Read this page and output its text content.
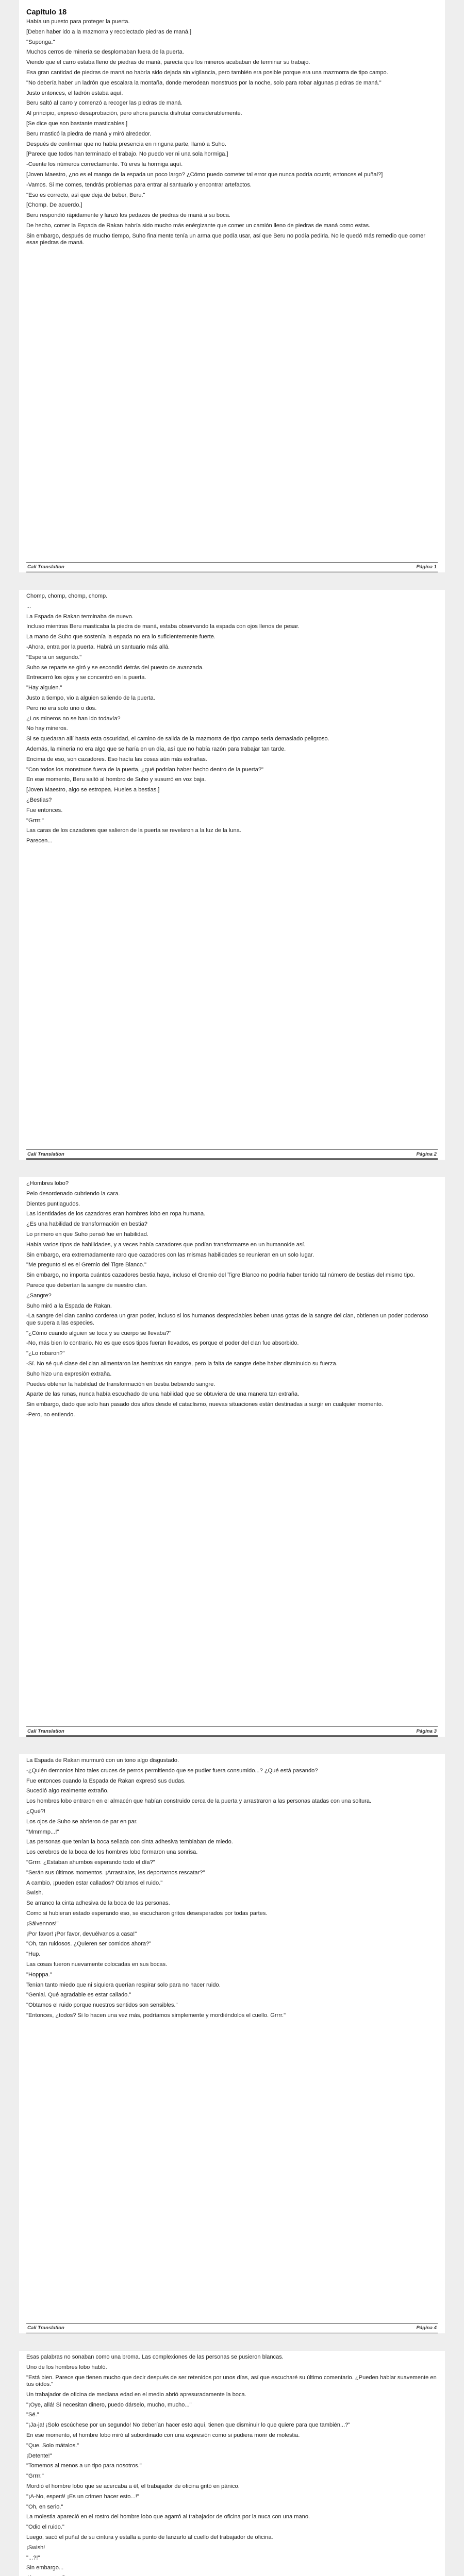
Capítulo 18

Había un puesto para proteger la puerta.

[Deben haber ido a la mazmorra y recolectado piedras de maná.]

"Suponga."

Muchos cerros de minería se desplomaban fuera de la puerta.

Viendo que el carro estaba lleno de piedras de maná, parecía que los mineros acababan de terminar su trabajo.

Esa gran cantidad de piedras de maná no habría sido dejada sin vigilancia, pero también era posible porque era una mazmorra de tipo campo.

"No debería haber un ladrón que escalara la montaña, donde merodean monstruos por la noche, solo para robar algunas piedras de maná."

Justo entonces, el ladrón estaba aquí.

Beru saltó al carro y comenzó a recoger las piedras de maná.

Al principio, expresó desaprobación, pero ahora parecía disfrutar considerablemente.

[Se dice que son bastante masticables.]

Beru masticó la piedra de maná y miró alrededor.

Después de confirmar que no había presencia en ninguna parte, llamó a Suho.

[Parece que todos han terminado el trabajo. No puedo ver ni una sola hormiga.]

-Cuente los números correctamente. Tú eres la hormiga aquí.

[Joven Maestro, ¿no es el mango de la espada un poco largo? ¿Cómo puedo cometer tal error que nunca podría ocurrir, entonces el puñal?]

-Vamos. Si me comes, tendrás problemas para entrar al santuario y encontrar artefactos.

"Eso es correcto, así que deja de beber, Beru."

[Chomp. De acuerdo.]

Beru respondió rápidamente y lanzó los pedazos de piedras de maná a su boca.

De hecho, comer la Espada de Rakan habría sido mucho más enérgizante que comer un camión lleno de piedras de maná como estas.

Sin embargo, después de mucho tiempo, Suho finalmente tenía un arma que podía usar, así que Beru no podía pedirla. No le quedó más remedio que comer esas piedras de maná.

Cali Translation	Página 1

Chomp, chomp, chomp, chomp.

...

La Espada de Rakan terminaba de nuevo.

Incluso mientras Beru masticaba la piedra de maná, estaba observando la espada con ojos llenos de pesar.

La mano de Suho que sostenía la espada no era lo suficientemente fuerte.

-Ahora, entra por la puerta. Habrá un santuario más allá.

"Espera un segundo."

Suho se reparte se giró y se escondió detrás del puesto de avanzada.

Entrecerró los ojos y se concentró en la puerta.

"Hay alguien."

Justo a tiempo, vio a alguien saliendo de la puerta.

Pero no era solo uno o dos.

¿Los mineros no se han ido todavía?

No hay mineros.

Si se quedaran allí hasta esta oscuridad, el camino de salida de la mazmorra de tipo campo sería demasiado peligroso.

Además, la mineria no era algo que se haría en un día, así que no había razón para trabajar tan tarde.

Encima de eso, son cazadores. Eso hacía las cosas aún más extrañas.

"Con todos los monstruos fuera de la puerta, ¿qué podrían haber hecho dentro de la puerta?"

En ese momento, Beru saltó al hombro de Suho y susurró en voz baja.

[Joven Maestro, algo se estropea. Hueles a bestias.]

¿Bestias?

Fue entonces.

"Grrrr."

Las caras de los cazadores que salieron de la puerta se revelaron a la luz de la luna.

Parecen...

Cali Translation	Página 2

¿Hombres lobo?

Pelo desordenado cubriendo la cara.

Dientes puntiagudos.

Las identidades de los cazadores eran hombres lobo en ropa humana.

¿Es una habilidad de transformación en bestia?

Lo primero en que Suho pensó fue en habilidad.

Había varios tipos de habilidades, y a veces había cazadores que podían transformarse en un humanoide así.

Sin embargo, era extremadamente raro que cazadores con las mismas habilidades se reunieran en un solo lugar.

"Me pregunto si es el Gremio del Tigre Blanco."

Sin embargo, no importa cuántos cazadores bestia haya, incluso el Gremio del Tigre Blanco no podría haber tenido tal número de bestias del mismo tipo.

Parece que deberían la sangre de nuestro clan.

¿Sangre?

Suho miró a la Espada de Rakan.

-La sangre del clan canino corderea un gran poder, incluso si los humanos despreciables beben unas gotas de la sangre del clan, obtienen un poder poderoso que supera a las especies.

"¿Cómo cuando alguien se toca y su cuerpo se llevaba?"

-No, más bien lo contrario. No es que esos tipos fueran llevados, es porque el poder del clan fue absorbido.

"¿Lo robaron?"

-Sí. No sé qué clase del clan alimentaron las hembras sin sangre, pero la falta de sangre debe haber disminuido su fuerza.

Suho hizo una expresión extraña.

Puedes obtener la habilidad de transformación en bestia bebiendo sangre.

Aparte de las runas, nunca había escuchado de una habilidad que se obtuviera de una manera tan extraña.

Sin embargo, dado que solo han pasado dos años desde el cataclismo, nuevas situaciones están destinadas a surgir en cualquier momento.

-Pero, no entiendo.

Cali Translation	Página 3

La Espada de Rakan murmuró con un tono algo disgustado.

-¿Quién demonios hizo tales cruces de perros permitiendo que se pudier fuera consumido...? ¿Qué está pasando?

Fue entonces cuando la Espada de Rakan expresó sus dudas.

Sucedió algo realmente extraño.

Los hombres lobo entraron en el almacén que habían construido cerca de la puerta y arrastraron a las personas atadas con una soltura.

¿Qué?!

Los ojos de Suho se abrieron de par en par.

"Mmmmp...!"

Las personas que tenían la boca sellada con cinta adhesiva temblaban de miedo.

Los cerebros de la boca de los hombres lobo formaron una sonrisa.

"Grrrr. ¿Estaban ahumbos esperando todo el día?"

"Serán sus últimos momentos. ¡Arrastralos, les deportarnos rescatar?"

A cambio, ¡pueden estar callados? Oblamos el ruido."

Swish.

Se arranco la cinta adhesiva de la boca de las personas.

Como si hubieran estado esperando eso, se escucharon gritos desesperados por todas partes.

¡Sálvennos!"

¡Por favor! ¡Por favor, devuélvanos a casa!"

"Oh, tan ruidosos. ¿Quieren ser comidos ahora?"

"Hup.

Las cosas fueron nuevamente colocadas en sus bocas.

"Hopppa."

Tenían tanto miedo que ni siquiera querían respirar solo para no hacer ruido.

"Genial. Qué agradable es estar callado."

"Obtamos el ruido porque nuestros sentidos son sensibles."

"Entonces, ¿todos? Si lo hacen una vez más, podríamos simplemente y mordiéndolos el cuello. Grrrr."

Cali Translation	Página 4

Esas palabras no sonaban como una broma. Las complexiones de las personas se pusieron blancas.

Uno de los hombres lobo habló.

"Está bien. Parece que tienen mucho que decir después de ser retenidos por unos días, así que escucharé su último comentario. ¿Pueden hablar suavemente en tus oídos."

Un trabajador de oficina de mediana edad en el medio abrió apresuradamente la boca.

"¡Oye, allá! Si necesitan dinero, puedo dárselo, mucho, mucho..."

"Sé."

"¡Ja-ja! ¡Solo escúchese por un segundo! No deberían hacer esto aquí, tienen que disminuir lo que quiere para que también...?"

En ese momento, el hombre lobo miró al subordinado con una expresión como si pudiera morir de molestia.

"Que. Solo mátalos."

¡Detente!"

"Tomemos al menos a un tipo para nosotros."

"Grrrr."

Mordió el hombre lobo que se acercaba a él, el trabajador de oficina gritó en pánico.

"¡A-No, esperá! ¡Es un crimen hacer esto...!"

"Oh, en serio."

La molestia apareció en el rostro del hombre lobo que agarró al trabajador de oficina por la nuca con una mano.

"Odio el ruido."

Luego, sacó el puñal de su cintura y estalla a punto de lanzarlo al cuello del trabajador de oficina.

¡Swish!

"...?!"

Sin embargo...
